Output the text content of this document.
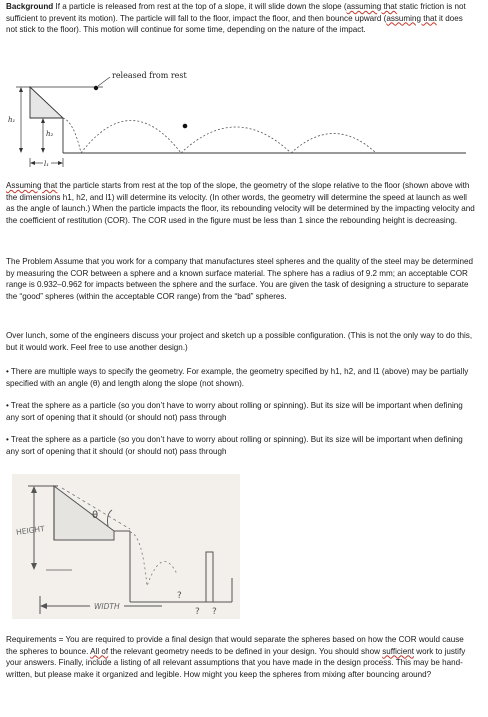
Background If a particle is released from rest at the top of a slope, it will slide down the slope (assuming that static friction is not sufficient to prevent its motion). The particle will fall to the floor, impact the floor, and then bounce upward (assuming that it does not stick to the floor). This motion will continue for some time, depending on the nature of the impact.

released from rest
h₁
h₂
l₁

Assuming that the particle starts from rest at the top of the slope, the geometry of the slope relative to the floor (shown above with the dimensions h1, h2, and l1) will determine its velocity. (In other words, the geometry will determine the speed at launch as well as the angle of launch.) When the particle impacts the floor, its rebounding velocity will be determined by the impacting velocity and the coefficient of restitution (COR). The COR used in the figure must be less than 1 since the rebounding height is decreasing.

The Problem Assume that you work for a company that manufactures steel spheres and the quality of the steel may be determined by measuring the COR between a sphere and a known surface material. The sphere has a radius of 9.2 mm; an acceptable COR range is 0.932–0.962 for impacts between the sphere and the surface. You are given the task of designing a structure to separate the “good” spheres (within the acceptable COR range) from the “bad” spheres.

Over lunch, some of the engineers discuss your project and sketch up a possible configuration. (This is not the only way to do this, but it would work. Feel free to use another design.)

• There are multiple ways to specify the geometry. For example, the geometry specified by h1, h2, and l1 (above) may be partially specified with an angle (θ) and length along the slope (not shown).

• Treat the sphere as a particle (so you don’t have to worry about rolling or spinning). But its size will be important when defining any sort of opening that it should (or should not) pass through

• Treat the sphere as a particle (so you don’t have to worry about rolling or spinning). But its size will be important when defining any sort of opening that it should (or should not) pass through

θ
HEIGHT
?
? ?
WIDTH

Requirements = You are required to provide a final design that would separate the spheres based on how the COR would cause the spheres to bounce. All of the relevant geometry needs to be defined in your design. You should show sufficient work to justify your answers. Finally, include a listing of all relevant assumptions that you have made in the design process. This may be hand-written, but please make it organized and legible. How might you keep the spheres from mixing after bouncing around?
